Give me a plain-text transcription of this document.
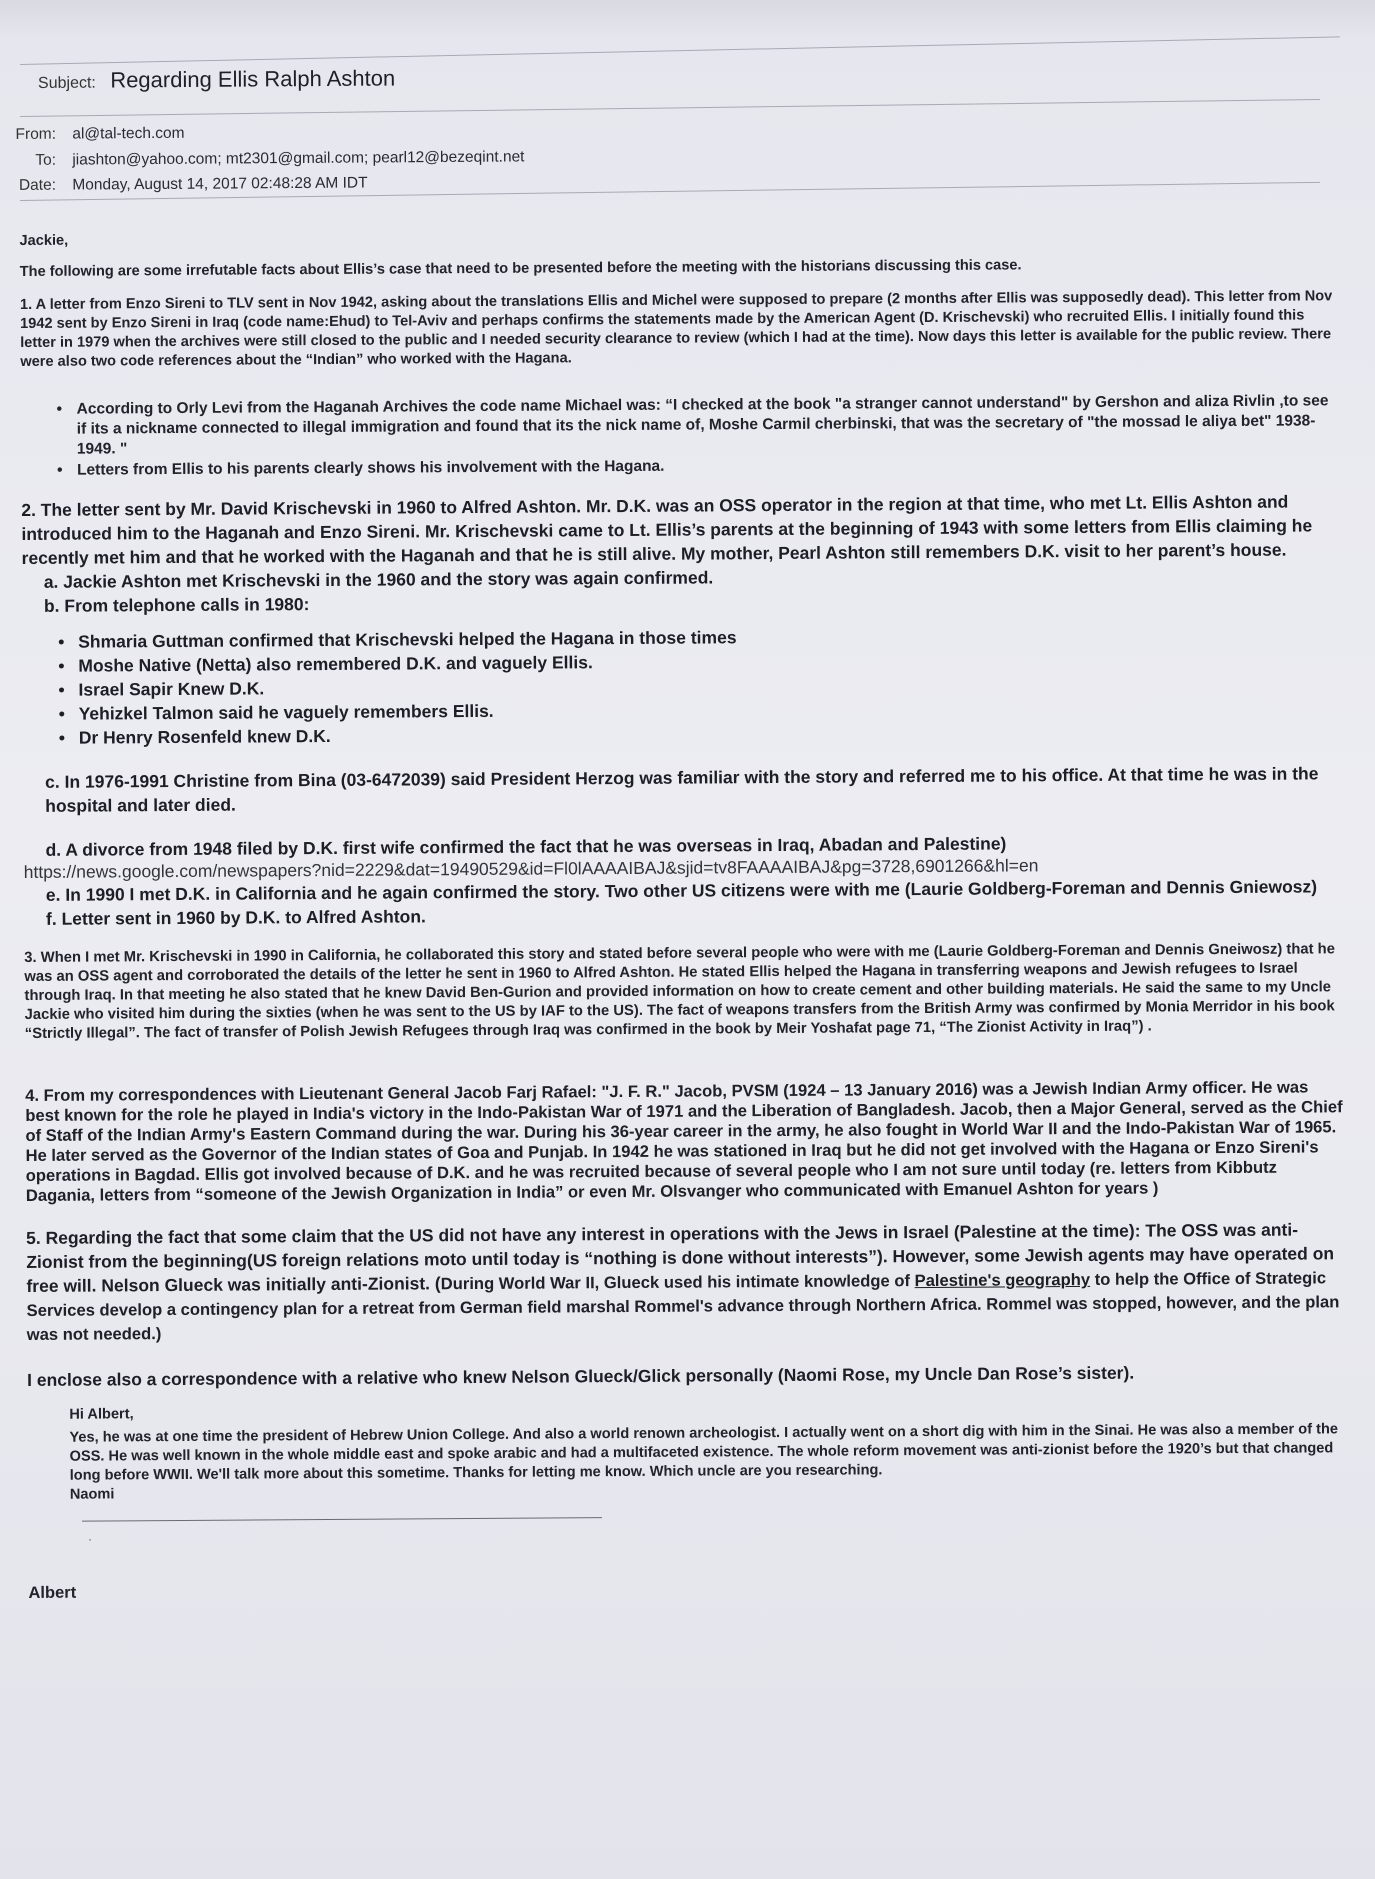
Subject: Regarding Ellis Ralph Ashton
From: al@tal-tech.com
To: jiashton@yahoo.com; mt2301@gmail.com; pearl12@bezeqint.net
Date: Monday, August 14, 2017 02:48:28 AM IDT

Jackie,

The following are some irrefutable facts about Ellis’s case that need to be presented before the meeting with the historians discussing this case.

1. A letter from Enzo Sireni to TLV sent in Nov 1942, asking about the translations Ellis and Michel were supposed to prepare (2 months after Ellis was supposedly dead). This letter from Nov 1942 sent by Enzo Sireni in Iraq (code name:Ehud) to Tel-Aviv and perhaps confirms the statements made by the American Agent (D. Krischevski) who recruited Ellis. I initially found this letter in 1979 when the archives were still closed to the public and I needed security clearance to review (which I had at the time). Now days this letter is available for the public review. There were also two code references about the “Indian” who worked with the Hagana.

• According to Orly Levi from the Haganah Archives the code name Michael was: “I checked at the book "a stranger cannot understand" by Gershon and aliza Rivlin ,to see if its a nickname connected to illegal immigration and found that its the nick name of, Moshe Carmil cherbinski, that was the secretary of "the mossad le aliya bet" 1938-1949. "
• Letters from Ellis to his parents clearly shows his involvement with the Hagana.

2. The letter sent by Mr. David Krischevski in 1960 to Alfred Ashton. Mr. D.K. was an OSS operator in the region at that time, who met Lt. Ellis Ashton and introduced him to the Haganah and Enzo Sireni. Mr. Krischevski came to Lt. Ellis’s parents at the beginning of 1943 with some letters from Ellis claiming he recently met him and that he worked with the Haganah and that he is still alive. My mother, Pearl Ashton still remembers D.K. visit to her parent’s house.

a. Jackie Ashton met Krischevski in the 1960 and the story was again confirmed.

b. From telephone calls in 1980:

• Shmaria Guttman confirmed that Krischevski helped the Hagana in those times
• Moshe Native (Netta) also remembered D.K. and vaguely Ellis.
• Israel Sapir Knew D.K.
• Yehizkel Talmon said he vaguely remembers Ellis.
• Dr Henry Rosenfeld knew D.K.

c. In 1976-1991 Christine from Bina (03-6472039) said President Herzog was familiar with the story and referred me to his office. At that time he was in the hospital and later died.

d. A divorce from 1948 filed by D.K. first wife confirmed the fact that he was overseas in Iraq, Abadan and Palestine)

https://news.google.com/newspapers?nid=2229&dat=19490529&id=Fl0lAAAAIBAJ&sjid=tv8FAAAAIBAJ&pg=3728,6901266&hl=en

e. In 1990 I met D.K. in California and he again confirmed the story. Two other US citizens were with me (Laurie Goldberg-Foreman and Dennis Gniewosz)

f. Letter sent in 1960 by D.K. to Alfred Ashton.

3. When I met Mr. Krischevski in 1990 in California, he collaborated this story and stated before several people who were with me (Laurie Goldberg-Foreman and Dennis Gneiwosz) that he was an OSS agent and corroborated the details of the letter he sent in 1960 to Alfred Ashton. He stated Ellis helped the Hagana in transferring weapons and Jewish refugees to Israel through Iraq. In that meeting he also stated that he knew David Ben-Gurion and provided information on how to create cement and other building materials. He said the same to my Uncle Jackie who visited him during the sixties (when he was sent to the US by IAF to the US). The fact of weapons transfers from the British Army was confirmed by Monia Merridor in his book “Strictly Illegal”. The fact of transfer of Polish Jewish Refugees through Iraq was confirmed in the book by Meir Yoshafat page 71, “The Zionist Activity in Iraq”) .

4. From my correspondences with Lieutenant General Jacob Farj Rafael: "J. F. R." Jacob, PVSM (1924 – 13 January 2016) was a Jewish Indian Army officer. He was best known for the role he played in India's victory in the Indo-Pakistan War of 1971 and the Liberation of Bangladesh. Jacob, then a Major General, served as the Chief of Staff of the Indian Army's Eastern Command during the war. During his 36-year career in the army, he also fought in World War II and the Indo-Pakistan War of 1965. He later served as the Governor of the Indian states of Goa and Punjab. In 1942 he was stationed in Iraq but he did not get involved with the Hagana or Enzo Sireni's operations in Bagdad. Ellis got involved because of D.K. and he was recruited because of several people who I am not sure until today (re. letters from Kibbutz Dagania, letters from “someone of the Jewish Organization in India” or even Mr. Olsvanger who communicated with Emanuel Ashton for years )

5. Regarding the fact that some claim that the US did not have any interest in operations with the Jews in Israel (Palestine at the time): The OSS was anti-Zionist from the beginning(US foreign relations moto until today is “nothing is done without interests”). However, some Jewish agents may have operated on free will. Nelson Glueck was initially anti-Zionist. (During World War II, Glueck used his intimate knowledge of Palestine's geography to help the Office of Strategic Services develop a contingency plan for a retreat from German field marshal Rommel's advance through Northern Africa. Rommel was stopped, however, and the plan was not needed.)

I enclose also a correspondence with a relative who knew Nelson Glueck/Glick personally (Naomi Rose, my Uncle Dan Rose’s sister).

Hi Albert,

Yes, he was at one time the president of Hebrew Union College. And also a world renown archeologist. I actually went on a short dig with him in the Sinai. He was also a member of the OSS. He was well known in the whole middle east and spoke arabic and had a multifaceted existence. The whole reform movement was anti-zionist before the 1920’s but that changed long before WWII. We'll talk more about this sometime. Thanks for letting me know. Which uncle are you researching.

Naomi

.

Albert
